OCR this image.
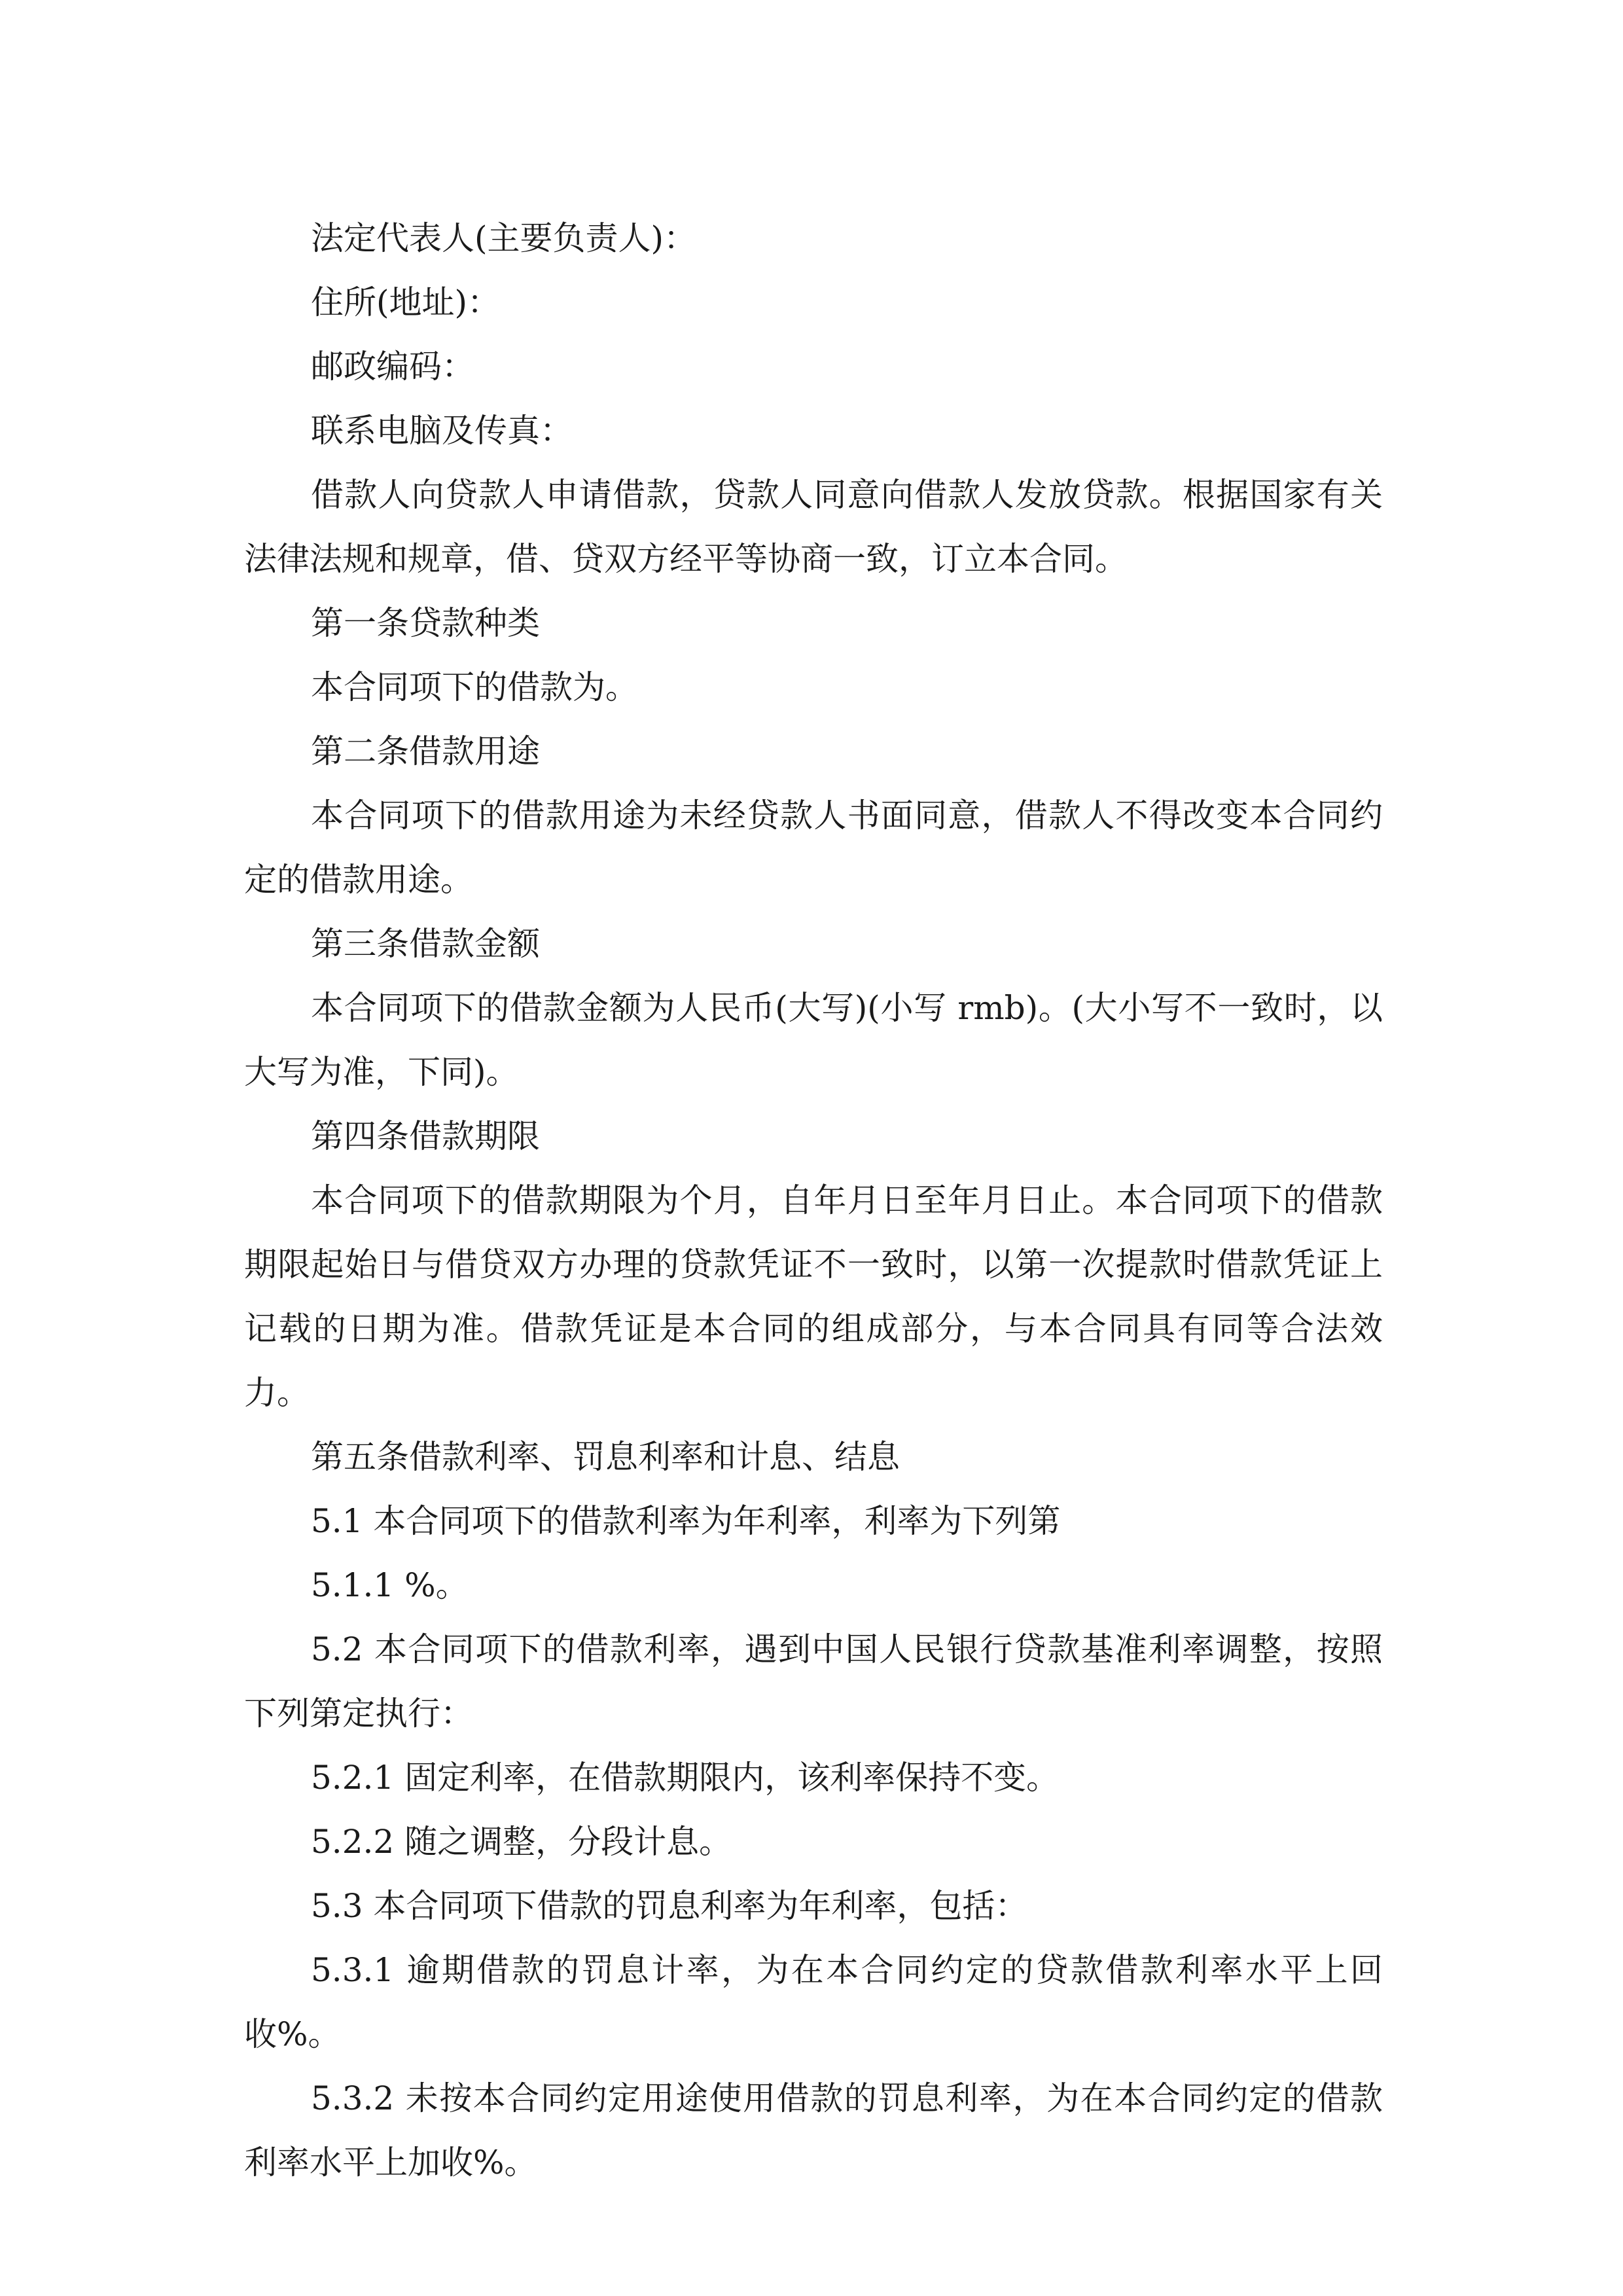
法定代表人(主要负责人)：

住所(地址)：

邮政编码：

联系电脑及传真：

借款人向贷款人申请借款，贷款人同意向借款人发放贷款。根据国家有关法律法规和规章，借、贷双方经平等协商一致，订立本合同。

第一条贷款种类

本合同项下的借款为。

第二条借款用途

本合同项下的借款用途为未经贷款人书面同意，借款人不得改变本合同约定的借款用途。

第三条借款金额

本合同项下的借款金额为人民币(大写)(小写 rmb)。(大小写不一致时，以大写为准，下同)。

第四条借款期限

本合同项下的借款期限为个月，自年月日至年月日止。本合同项下的借款期限起始日与借贷双方办理的贷款凭证不一致时，以第一次提款时借款凭证上记载的日期为准。借款凭证是本合同的组成部分，与本合同具有同等合法效力。

第五条借款利率、罚息利率和计息、结息

5.1 本合同项下的借款利率为年利率，利率为下列第

5.1.1 %。

5.2 本合同项下的借款利率，遇到中国人民银行贷款基准利率调整，按照下列第定执行：

5.2.1 固定利率，在借款期限内，该利率保持不变。

5.2.2 随之调整，分段计息。

5.3 本合同项下借款的罚息利率为年利率，包括：

5.3.1 逾期借款的罚息计率，为在本合同约定的贷款借款利率水平上回收%。

5.3.2 未按本合同约定用途使用借款的罚息利率，为在本合同约定的借款利率水平上加收%。
